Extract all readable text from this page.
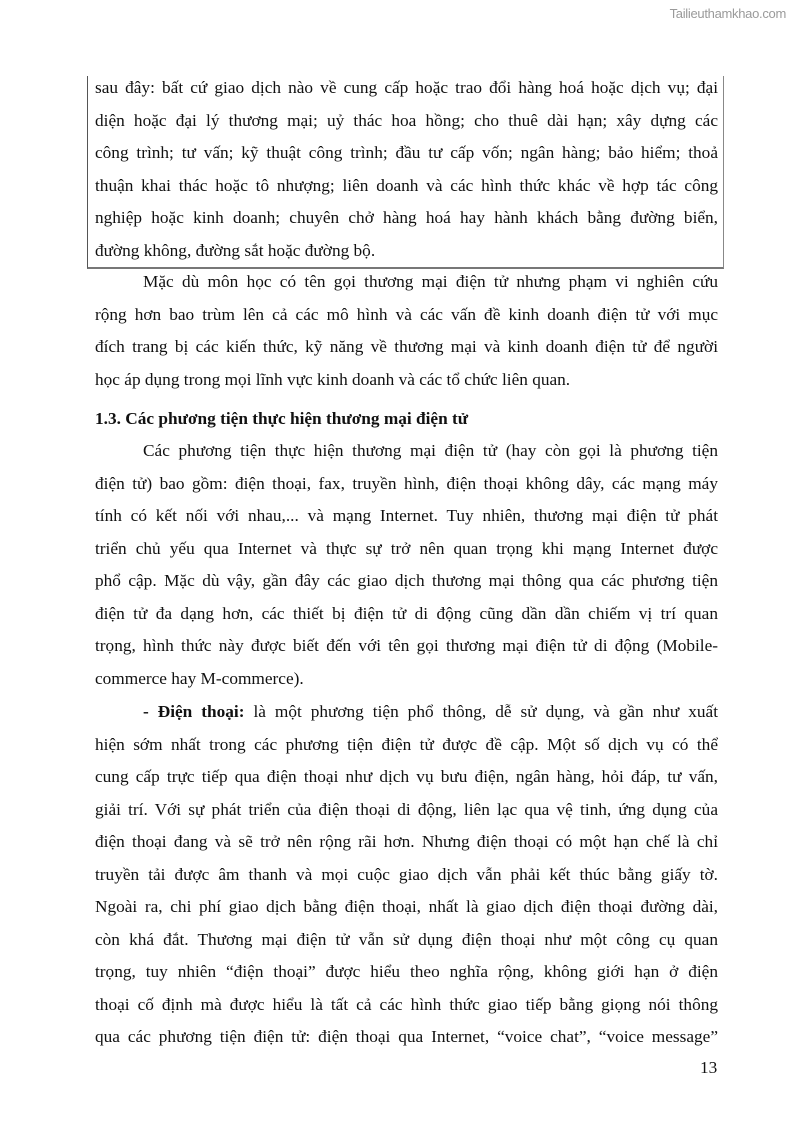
Tailieuthamkhao.com
sau đây: bất cứ giao dịch nào về cung cấp hoặc trao đổi hàng hoá hoặc dịch vụ; đại
diện hoặc đại lý thương mại; uỷ thác hoa hồng; cho thuê dài hạn; xây dựng các
công trình; tư vấn; kỹ thuật công trình; đầu tư cấp vốn; ngân hàng; bảo hiểm; thoả
thuận khai thác hoặc tô nhượng; liên doanh và các hình thức khác về hợp tác công
nghiệp hoặc kinh doanh; chuyên chở hàng hoá hay hành khách bằng đường biển,
đường không, đường sắt hoặc đường bộ.
Mặc dù môn học có tên gọi thương mại điện tử nhưng phạm vi nghiên cứu
rộng hơn bao trùm lên cả các mô hình và các vấn đề kinh doanh điện tử với mục
đích trang bị các kiến thức, kỹ năng về thương mại và kinh doanh điện tử để người
học áp dụng trong mọi lĩnh vực kinh doanh và các tổ chức liên quan.
1.3. Các phương tiện thực hiện thương mại điện tử
Các phương tiện thực hiện thương mại điện tử (hay còn gọi là phương tiện
điện tử) bao gồm: điện thoại, fax, truyền hình, điện thoại không dây, các mạng máy
tính có kết nối với nhau,... và mạng Internet. Tuy nhiên, thương mại điện tử phát
triển chủ yếu qua Internet và thực sự trở nên quan trọng khi mạng Internet được
phổ cập. Mặc dù vậy, gần đây các giao dịch thương mại thông qua các phương tiện
điện tử đa dạng hơn, các thiết bị điện tử di động cũng dần dần chiếm vị trí quan
trọng, hình thức này được biết đến với tên gọi thương mại điện tử di động (Mobile-
commerce hay M-commerce).
- Điện thoại: là một phương tiện phổ thông, dễ sử dụng, và gần như xuất
hiện sớm nhất trong các phương tiện điện tử được đề cập. Một số dịch vụ có thể
cung cấp trực tiếp qua điện thoại như dịch vụ bưu điện, ngân hàng, hỏi đáp, tư vấn,
giải trí. Với sự phát triển của điện thoại di động, liên lạc qua vệ tinh, ứng dụng của
điện thoại đang và sẽ trở nên rộng rãi hơn. Nhưng điện thoại có một hạn chế là chỉ
truyền tải được âm thanh và mọi cuộc giao dịch vẫn phải kết thúc bằng giấy tờ.
Ngoài ra, chi phí giao dịch bằng điện thoại, nhất là giao dịch điện thoại đường dài,
còn khá đắt. Thương mại điện tử vẫn sử dụng điện thoại như một công cụ quan
trọng, tuy nhiên “điện thoại” được hiểu theo nghĩa rộng, không giới hạn ở điện
thoại cố định mà được hiểu là tất cả các hình thức giao tiếp bằng giọng nói thông
qua các phương tiện điện tử: điện thoại qua Internet, “voice chat”, “voice message”
13
